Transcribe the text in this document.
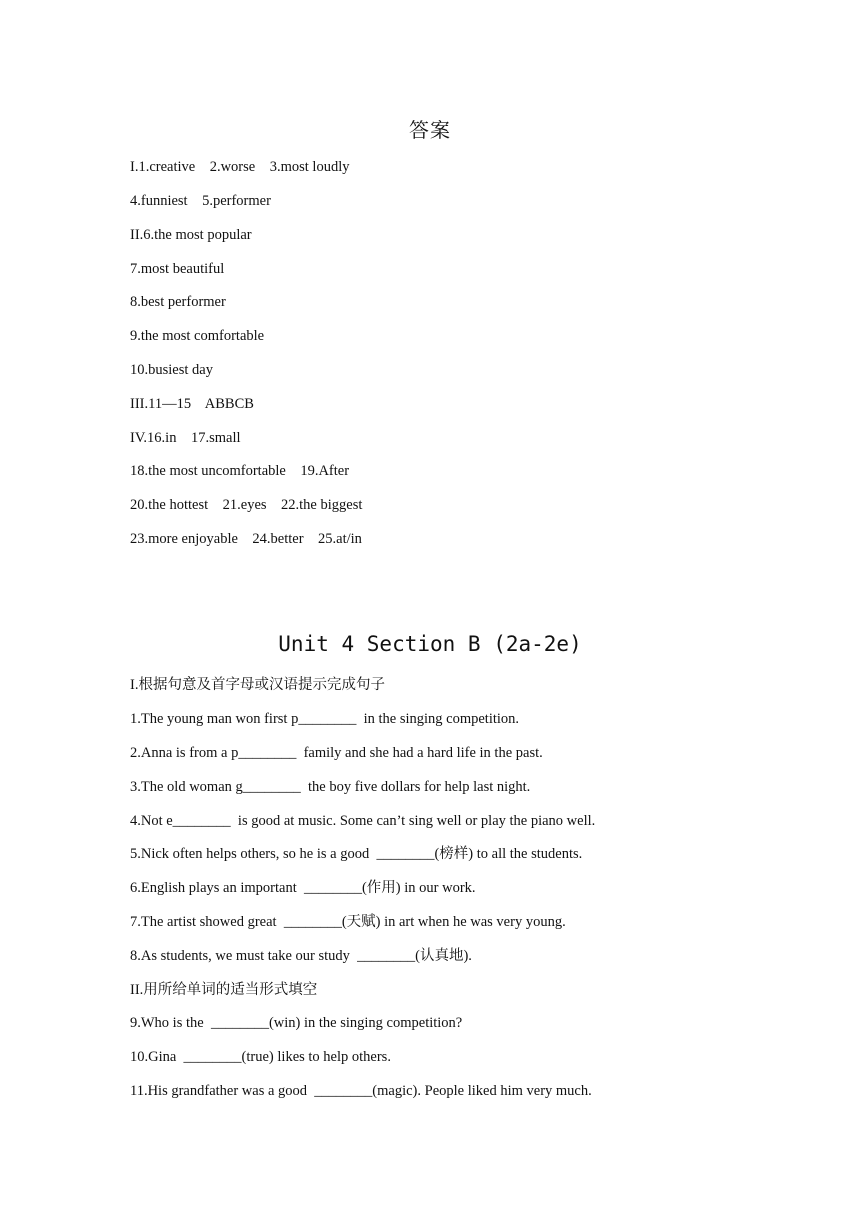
答案
I.1.creative    2.worse    3.most loudly
4.funniest    5.performer
II.6.the most popular
7.most beautiful
8.best performer
9.the most comfortable
10.busiest day
III.11—15    ABBCB
IV.16.in    17.small
18.the most uncomfortable    19.After
20.the hottest    21.eyes    22.the biggest
23.more enjoyable    24.better    25.at/in
Unit 4 Section B (2a-2e)
I.根据句意及首字母或汉语提示完成句子
1.The young man won first p________  in the singing competition.
2.Anna is from a p________  family and she had a hard life in the past.
3.The old woman g________  the boy five dollars for help last night.
4.Not e________  is good at music. Some can’t sing well or play the piano well.
5.Nick often helps others, so he is a good  ________(榜样) to all the students.
6.English plays an important  ________(作用) in our work.
7.The artist showed great  ________(天赋) in art when he was very young.
8.As students, we must take our study  ________(认真地).
II.用所给单词的适当形式填空
9.Who is the  ________(win) in the singing competition?
10.Gina  ________(true) likes to help others.
11.His grandfather was a good  ________(magic). People liked him very much.
